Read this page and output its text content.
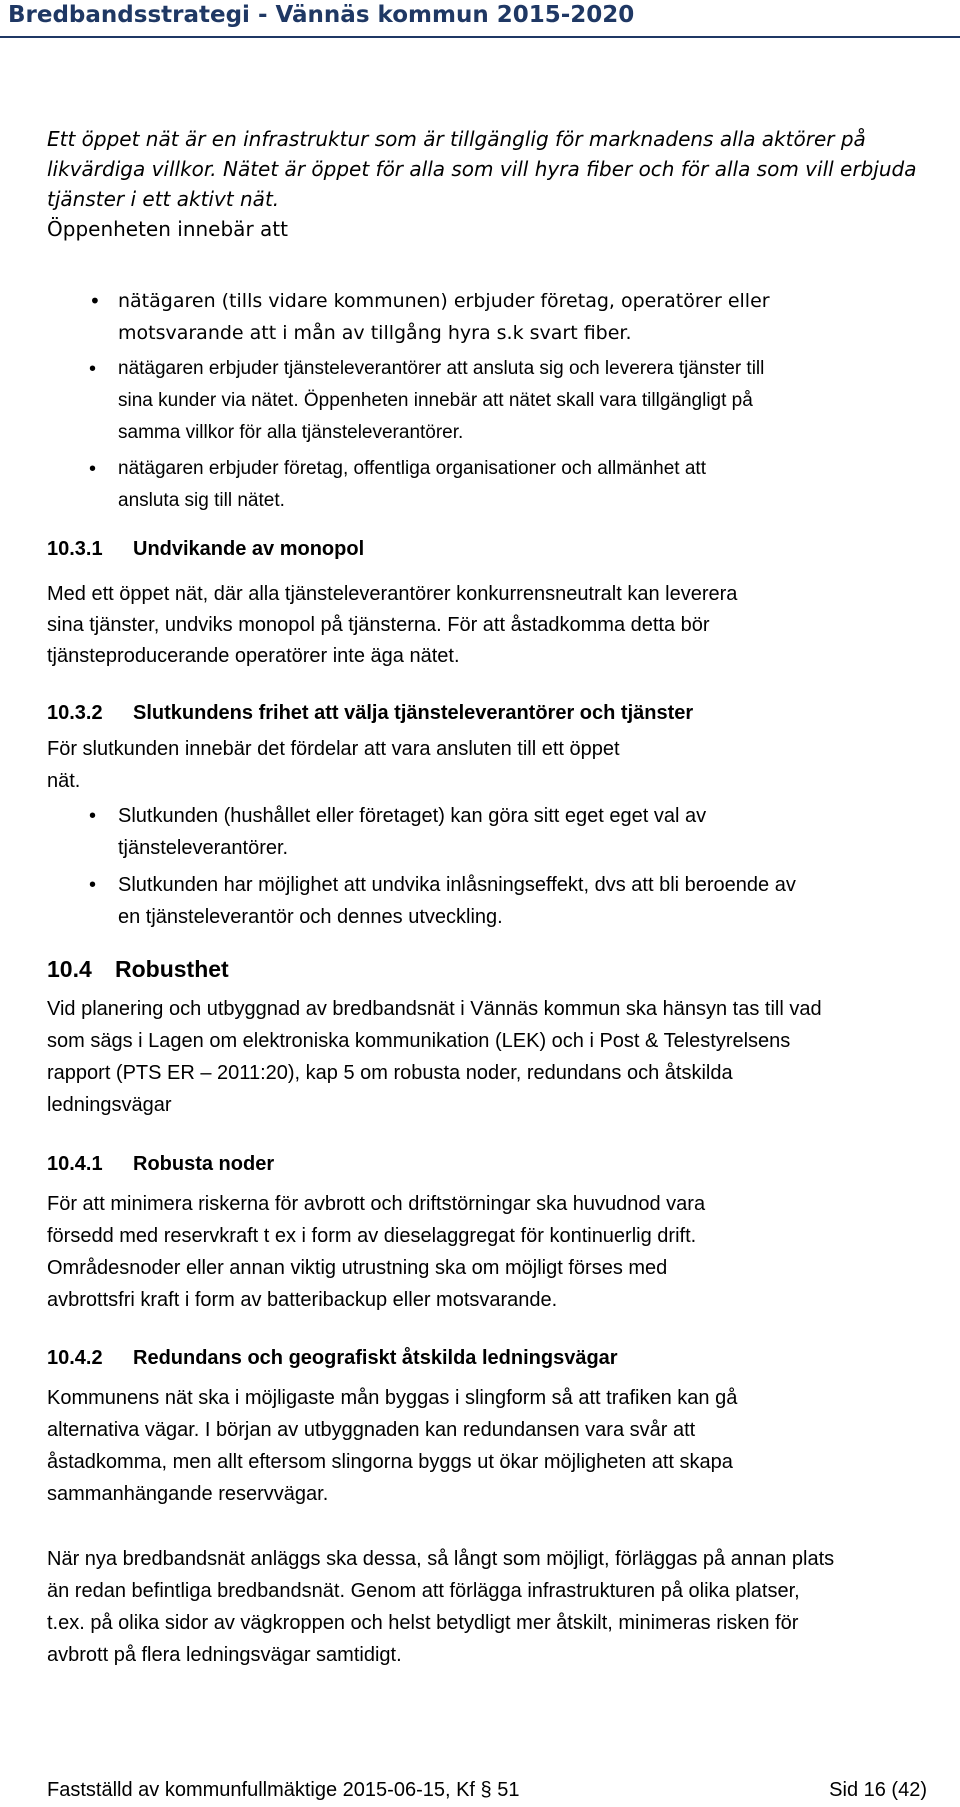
Bredbandsstrategi - Vännäs kommun 2015-2020
Ett öppet nät är en infrastruktur som är tillgänglig för marknadens alla aktörer på
likvärdiga villkor. Nätet är öppet för alla som vill hyra fiber och för alla som vill erbjuda
tjänster i ett aktivt nät.
Öppenheten innebär att
• nätägaren (tills vidare kommunen) erbjuder företag, operatörer eller
motsvarande att i mån av tillgång hyra s.k svart fiber.
• nätägaren erbjuder tjänsteleverantörer att ansluta sig och leverera tjänster till
sina kunder via nätet. Öppenheten innebär att nätet skall vara tillgängligt på
samma villkor för alla tjänsteleverantörer.
• nätägaren erbjuder företag, offentliga organisationer och allmänhet att
ansluta sig till nätet.
10.3.1 Undvikande av monopol
Med ett öppet nät, där alla tjänsteleverantörer konkurrensneutralt kan leverera
sina tjänster, undviks monopol på tjänsterna. För att åstadkomma detta bör
tjänsteproducerande operatörer inte äga nätet.
10.3.2 Slutkundens frihet att välja tjänsteleverantörer och tjänster
För slutkunden innebär det fördelar att vara ansluten till ett öppet
nät.
• Slutkunden (hushållet eller företaget) kan göra sitt eget eget val av
tjänsteleverantörer.
• Slutkunden har möjlighet att undvika inlåsningseffekt, dvs att bli beroende av
en tjänsteleverantör och dennes utveckling.
10.4 Robusthet
Vid planering och utbyggnad av bredbandsnät i Vännäs kommun ska hänsyn tas till vad
som sägs i Lagen om elektroniska kommunikation (LEK) och i Post & Telestyrelsens
rapport (PTS ER – 2011:20), kap 5 om robusta noder, redundans och åtskilda
ledningsvägar
10.4.1 Robusta noder
För att minimera riskerna för avbrott och driftstörningar ska huvudnod vara
försedd med reservkraft t ex i form av dieselaggregat för kontinuerlig drift.
Områdesnoder eller annan viktig utrustning ska om möjligt förses med
avbrottsfri kraft i form av batteribackup eller motsvarande.
10.4.2 Redundans och geografiskt åtskilda ledningsvägar
Kommunens nät ska i möjligaste mån byggas i slingform så att trafiken kan gå
alternativa vägar. I början av utbyggnaden kan redundansen vara svår att
åstadkomma, men allt eftersom slingorna byggs ut ökar möjligheten att skapa
sammanhängande reservvägar.
När nya bredbandsnät anläggs ska dessa, så långt som möjligt, förläggas på annan plats
än redan befintliga bredbandsnät. Genom att förlägga infrastrukturen på olika platser,
t.ex. på olika sidor av vägkroppen och helst betydligt mer åtskilt, minimeras risken för
avbrott på flera ledningsvägar samtidigt.
Fastställd av kommunfullmäktige 2015-06-15, Kf § 51	Sid 16 (42)
